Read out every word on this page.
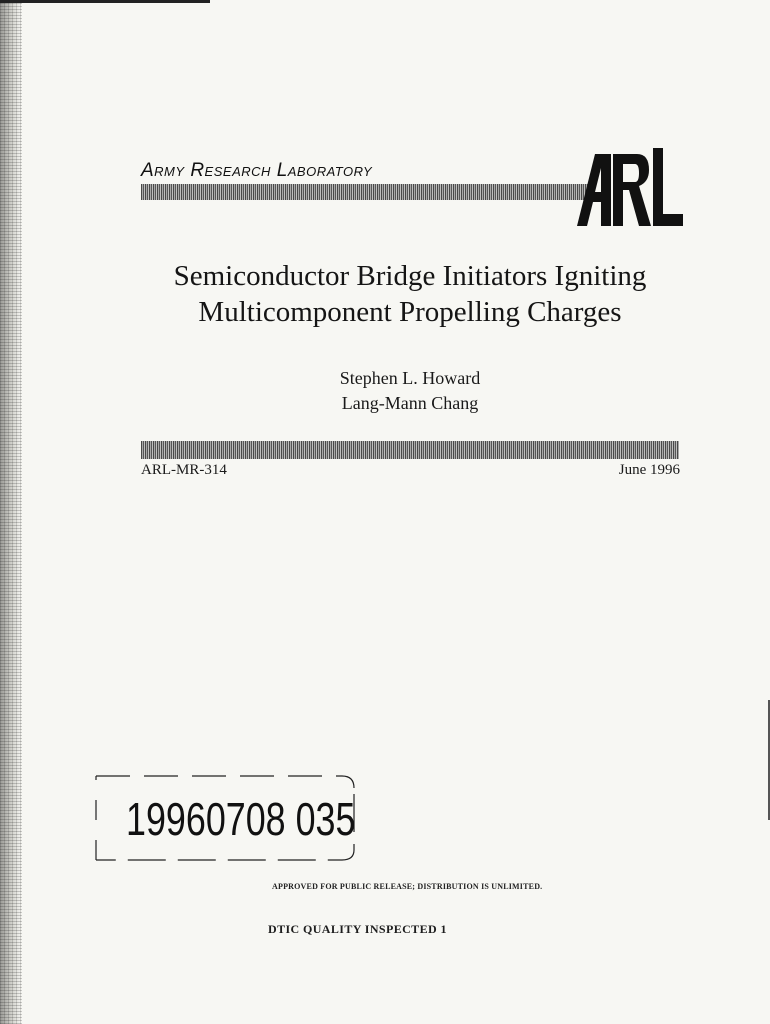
Army Research Laboratory
Semiconductor Bridge Initiators Igniting
Multicomponent Propelling Charges
Stephen L. Howard
Lang-Mann Chang
ARL-MR-314	June 1996
19960708 035
APPROVED FOR PUBLIC RELEASE; DISTRIBUTION IS UNLIMITED.
DTIC QUALITY INSPECTED 1
